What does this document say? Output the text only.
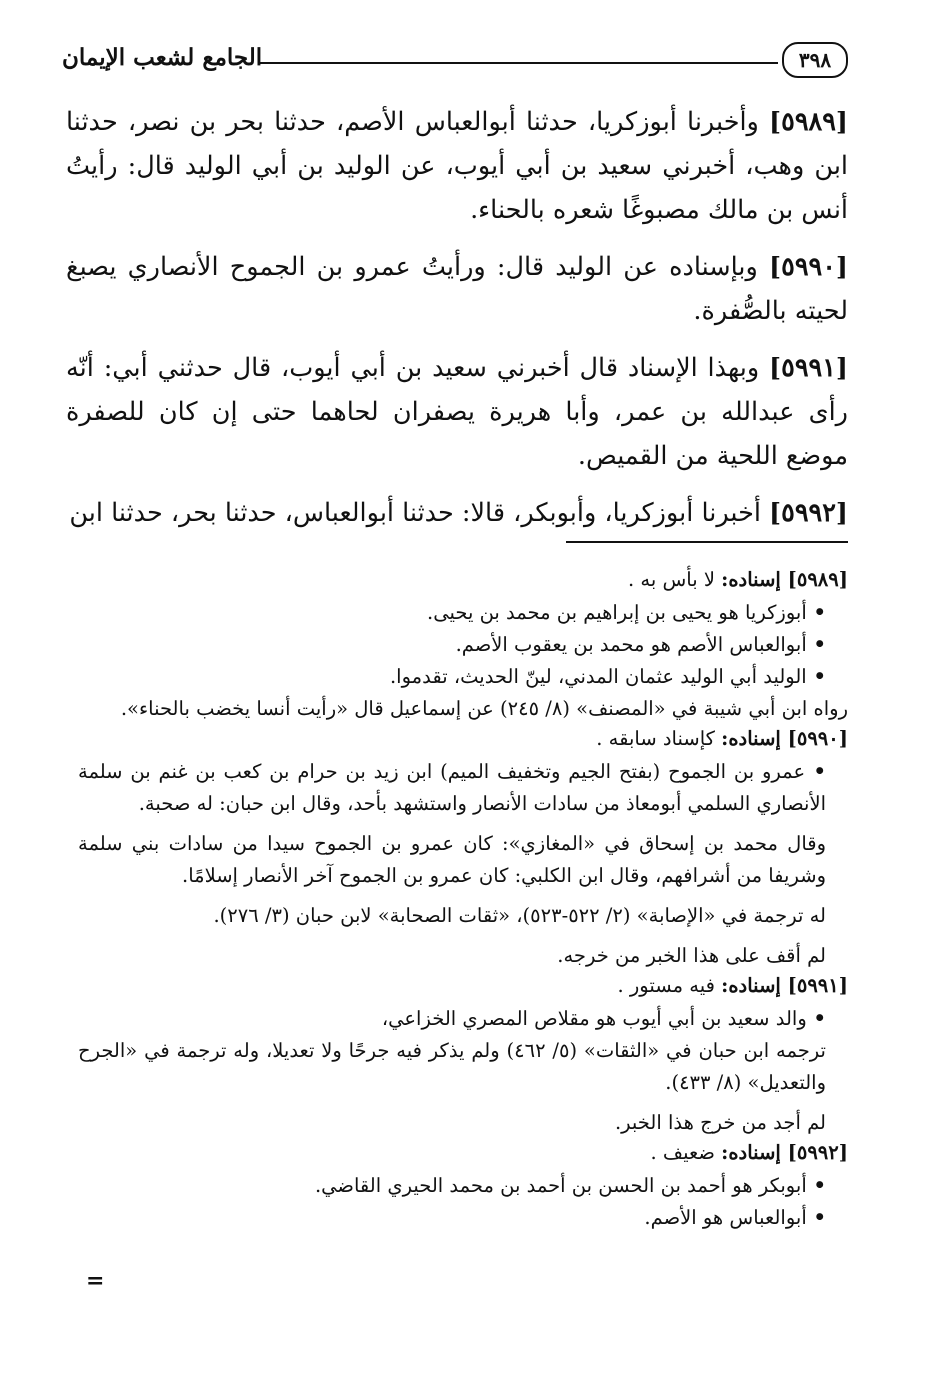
٣٩٨
الجامع لشعب الإيمان

[٥٩٨٩] وأخبرنا أبوزكريا، حدثنا أبوالعباس الأصم، حدثنا بحر بن نصر، حدثنا ابن وهب، أخبرني سعيد بن أبي أيوب، عن الوليد بن أبي الوليد قال: رأيتُ أنس بن مالك مصبوغًا شعره بالحناء.

[٥٩٩٠] وبإسناده عن الوليد قال: ورأيتُ عمرو بن الجموح الأنصاري يصبغ لحيته بالصُّفرة.

[٥٩٩١] وبهذا الإسناد قال أخبرني سعيد بن أبي أيوب، قال حدثني أبي: أنّه رأى عبدالله بن عمر، وأبا هريرة يصفران لحاهما حتى إن كان للصفرة موضع اللحية من القميص.

[٥٩٩٢] أخبرنا أبوزكريا، وأبوبكر، قالا: حدثنا أبوالعباس، حدثنا بحر، حدثنا ابن

[٥٩٨٩] إسناده: لا بأس به .

• أبوزكريا هو يحيى بن إبراهيم بن محمد بن يحيى.

• أبوالعباس الأصم هو محمد بن يعقوب الأصم.

• الوليد أبي الوليد عثمان المدني، لينّ الحديث، تقدموا.

رواه ابن أبي شيبة في «المصنف» (٨/ ٢٤٥) عن إسماعيل قال «رأيت أنسا يخضب بالحناء».

[٥٩٩٠] إسناده: كإسناد سابقه .

• عمرو بن الجموح (بفتح الجيم وتخفيف الميم) ابن زيد بن حرام بن كعب بن غنم بن سلمة الأنصاري السلمي أبومعاذ من سادات الأنصار واستشهد بأحد، وقال ابن حبان: له صحبة.

وقال محمد بن إسحاق في «المغازي»: كان عمرو بن الجموح سيدا من سادات بني سلمة وشريفا من أشرافهم، وقال ابن الكلبي: كان عمرو بن الجموح آخر الأنصار إسلامًا.

له ترجمة في «الإصابة» (٢/ ٥٢٢-٥٢٣)، «ثقات الصحابة» لابن حبان (٣/ ٢٧٦).

لم أقف على هذا الخبر من خرجه.

[٥٩٩١] إسناده: فيه مستور .

• والد سعيد بن أبي أيوب هو مقلاص المصري الخزاعي،

ترجمه ابن حبان في «الثقات» (٥/ ٤٦٢) ولم يذكر فيه جرحًا ولا تعديلا، وله ترجمة في «الجرح والتعديل» (٨/ ٤٣٣).

لم أجد من خرج هذا الخبر.

[٥٩٩٢] إسناده: ضعيف .

• أبوبكر هو أحمد بن الحسن بن أحمد بن محمد الحيري القاضي.

• أبوالعباس هو الأصم.

=
